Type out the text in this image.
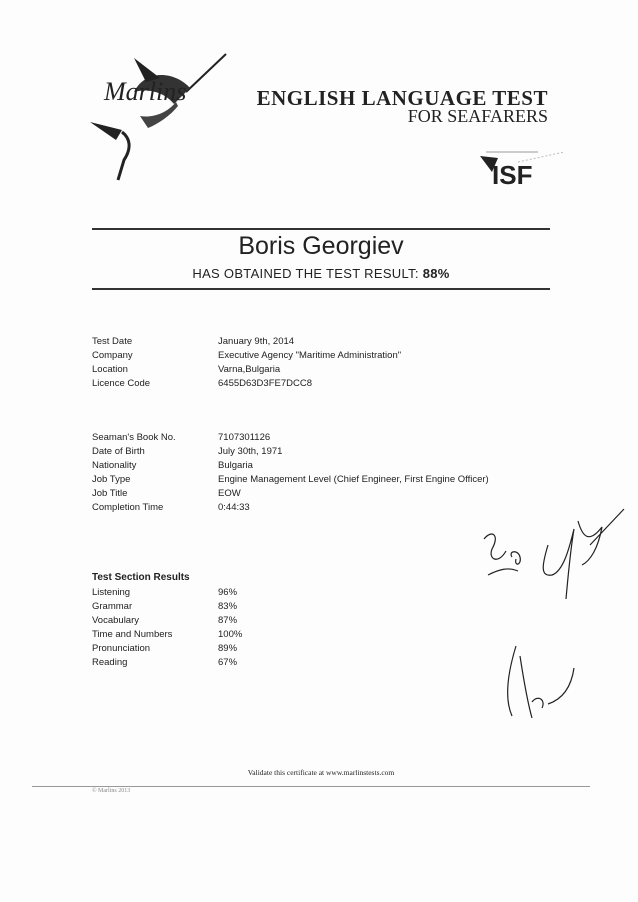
Marlins	ENGLISH LANGUAGE TEST
FOR SEAFARERS
ISF
Boris Georgiev
HAS OBTAINED THE TEST RESULT: 88%
Test Date	January 9th, 2014
Company	Executive Agency "Maritime Administration"
Location	Varna,Bulgaria
Licence Code	6455D63D3FE7DCC8
Seaman's Book No.	7107301126
Date of Birth	July 30th, 1971
Nationality	Bulgaria
Job Type	Engine Management Level (Chief Engineer, First Engine Officer)
Job Title	EOW
Completion Time	0:44:33
Test Section Results
Listening	96%
Grammar	83%
Vocabulary	87%
Time and Numbers	100%
Pronunciation	89%
Reading	67%
Validate this certificate at www.marlinstests.com
© Marlins 2013
